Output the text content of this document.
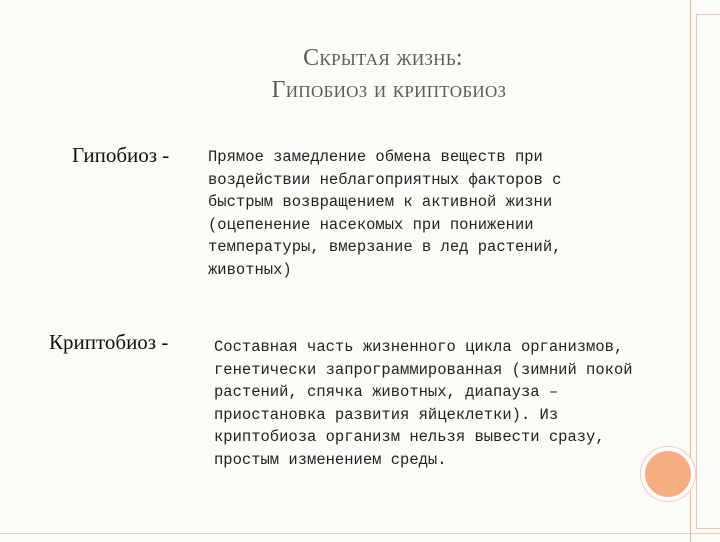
Скрытая жизнь:
Гипобиоз и криптобиоз
Гипобиоз - Прямое замедление обмена веществ при
воздействии неблагоприятных факторов с
быстрым возвращением к активной жизни
(оцепенение насекомых при понижении
температуры, вмерзание в лед растений,
животных)
Криптобиоз -	Составная часть жизненного цикла организмов,
генетически запрограммированная (зимний покой
растений, спячка животных, диапауза –
приостановка развития яйцеклетки). Из
криптобиоза организм нельзя вывести сразу,
простым изменением среды.
